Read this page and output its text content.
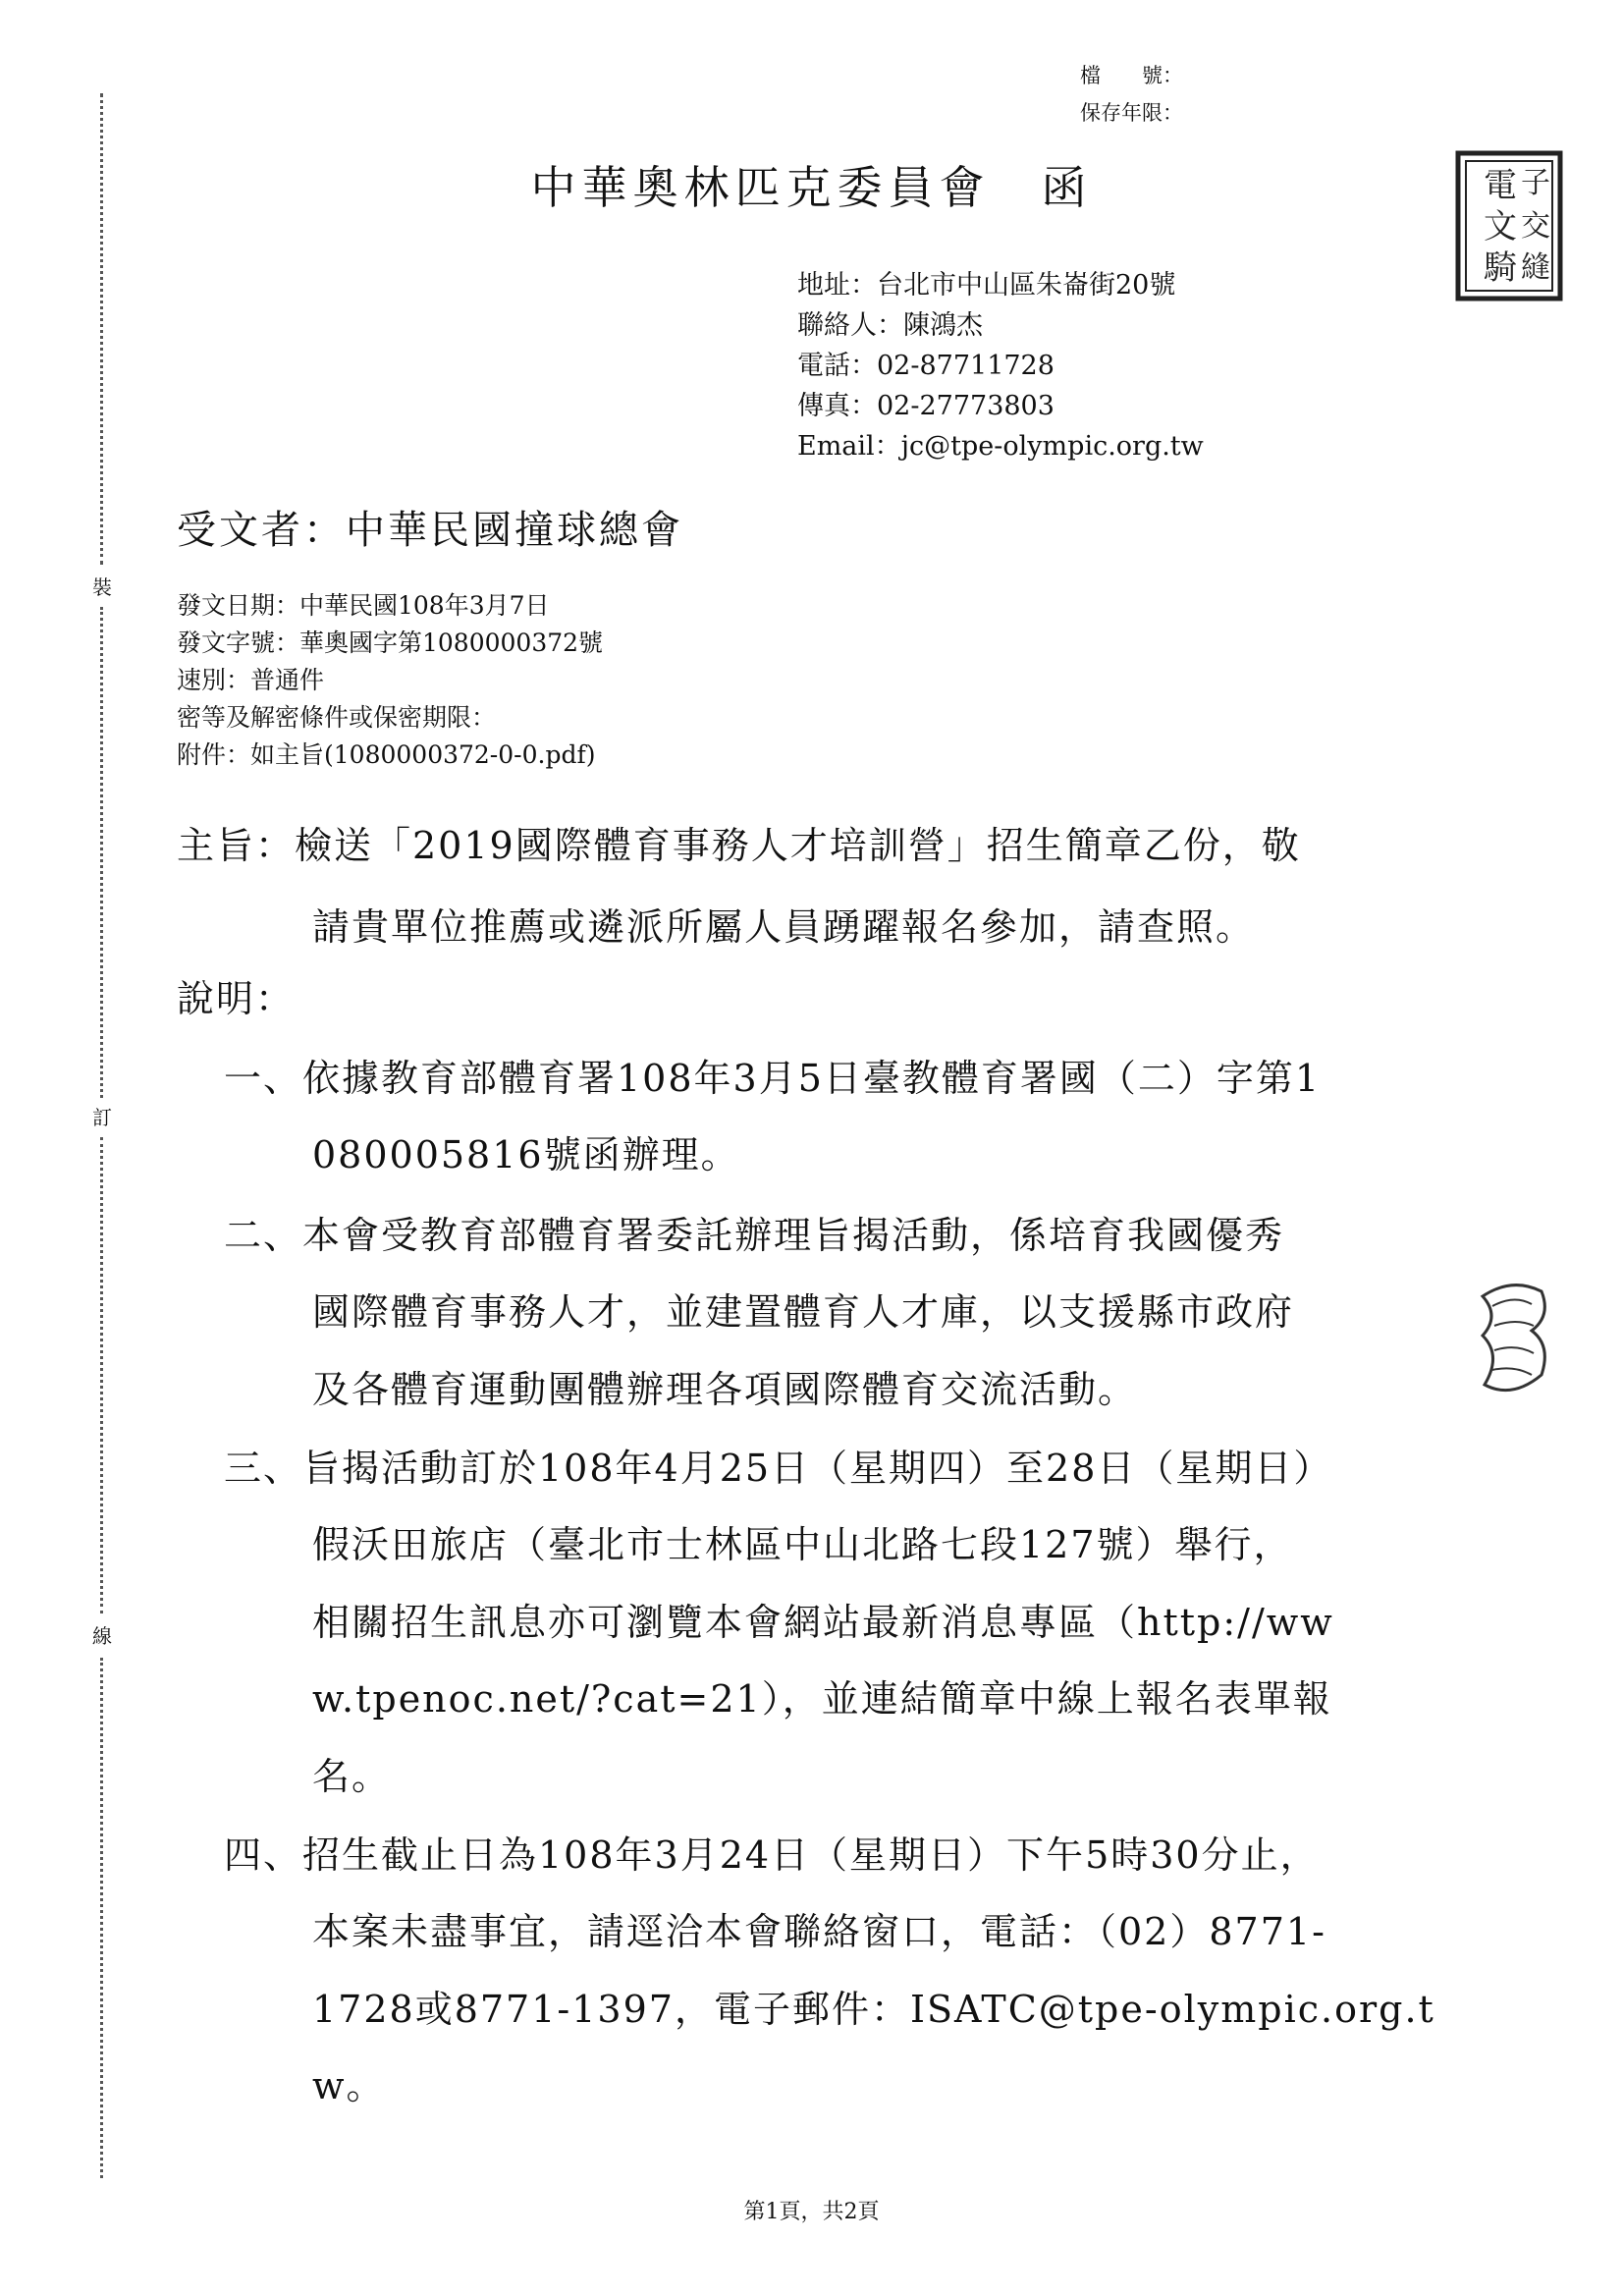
裝
訂
線
檔　　號：
保存年限：
中華奧林匹克委員會 函	電 子
文 交
騎 縫
地址：台北市中山區朱崙街20號
聯絡人：陳鴻杰
電話：02-87711728
傳真：02-27773803
Email：jc@tpe-olympic.org.tw
受文者：中華民國撞球總會
發文日期：中華民國108年3月7日
發文字號：華奧國字第1080000372號
速別：普通件
密等及解密條件或保密期限：
附件：如主旨(1080000372-0-0.pdf)
主旨：檢送「2019國際體育事務人才培訓營」招生簡章乙份，敬
請貴單位推薦或遴派所屬人員踴躍報名參加，請查照。
說明：
一、依據教育部體育署108年3月5日臺教體育署國（二）字第1
080005816號函辦理。
二、本會受教育部體育署委託辦理旨揭活動，係培育我國優秀
國際體育事務人才，並建置體育人才庫，以支援縣市政府
及各體育運動團體辦理各項國際體育交流活動。
三、旨揭活動訂於108年4月25日（星期四）至28日（星期日）
假沃田旅店（臺北市士林區中山北路七段127號）舉行，
相關招生訊息亦可瀏覽本會網站最新消息專區（http://ww
w.tpenoc.net/?cat=21），並連結簡章中線上報名表單報
名。
四、招生截止日為108年3月24日（星期日）下午5時30分止，
本案未盡事宜，請逕洽本會聯絡窗口，電話：（02）8771-
1728或8771-1397，電子郵件：ISATC@tpe-olympic.org.t
w。
第1頁，共2頁
